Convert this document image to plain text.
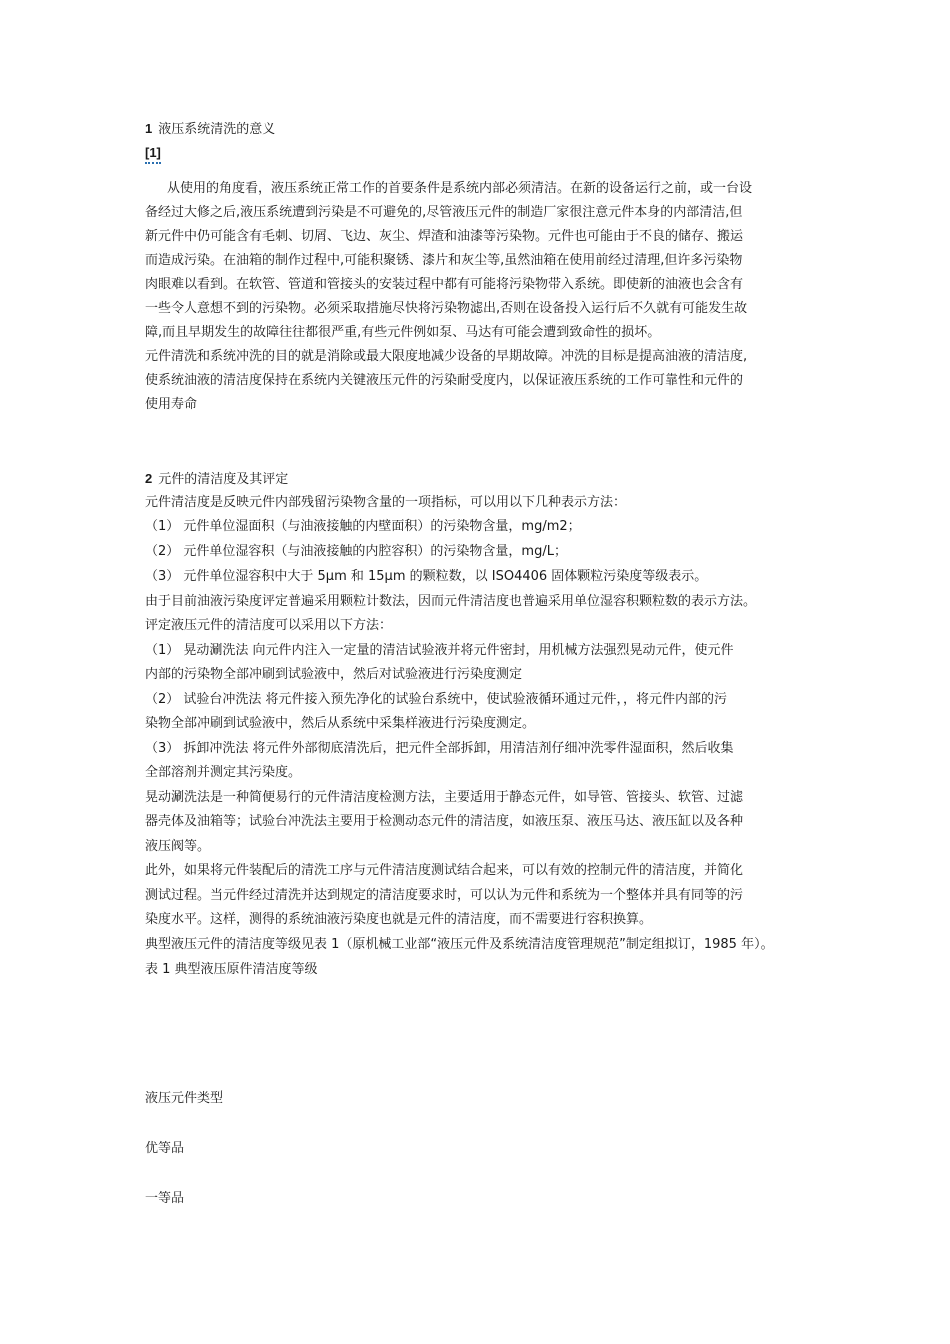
1 液压系统清洗的意义
[1]
从使用的角度看，液压系统正常工作的首要条件是系统内部必须清洁。在新的设备运行之前，或一台设
备经过大修之后,液压系统遭到污染是不可避免的,尽管液压元件的制造厂家很注意元件本身的内部清洁,但
新元件中仍可能含有毛刺、切屑、飞边、灰尘、焊渣和油漆等污染物。元件也可能由于不良的储存、搬运
而造成污染。在油箱的制作过程中,可能积聚锈、漆片和灰尘等,虽然油箱在使用前经过清理,但许多污染物
肉眼难以看到。在软管、管道和管接头的安装过程中都有可能将污染物带入系统。即使新的油液也会含有
一些令人意想不到的污染物。必须采取措施尽快将污染物滤出,否则在设备投入运行后不久就有可能发生故
障,而且早期发生的故障往往都很严重,有些元件例如泵、马达有可能会遭到致命性的损坏。
元件清洗和系统冲洗的目的就是消除或最大限度地减少设备的早期故障。冲洗的目标是提高油液的清洁度,
使系统油液的清洁度保持在系统内关键液压元件的污染耐受度内，以保证液压系统的工作可靠性和元件的
使用寿命
2 元件的清洁度及其评定
元件清洁度是反映元件内部残留污染物含量的一项指标，可以用以下几种表示方法：
（1） 元件单位湿面积（与油液接触的内壁面积）的污染物含量，mg/m2；
（2） 元件单位湿容积（与油液接触的内腔容积）的污染物含量，mg/L；
（3） 元件单位湿容积中大于 5μm 和 15μm 的颗粒数，以 ISO4406 固体颗粒污染度等级表示。
由于目前油液污染度评定普遍采用颗粒计数法，因而元件清洁度也普遍采用单位湿容积颗粒数的表示方法。
评定液压元件的清洁度可以采用以下方法：
（1） 晃动涮洗法 向元件内注入一定量的清洁试验液并将元件密封，用机械方法强烈晃动元件，使元件
内部的污染物全部冲刷到试验液中，然后对试验液进行污染度测定
（2） 试验台冲洗法 将元件接入预先净化的试验台系统中，使试验液循环通过元件，，将元件内部的污
染物全部冲刷到试验液中，然后从系统中采集样液进行污染度测定。
（3） 拆卸冲洗法 将元件外部彻底清洗后，把元件全部拆卸，用清洁剂仔细冲洗零件湿面积，然后收集
全部溶剂并测定其污染度。
晃动涮洗法是一种简便易行的元件清洁度检测方法，主要适用于静态元件，如导管、管接头、软管、过滤
器壳体及油箱等；试验台冲洗法主要用于检测动态元件的清洁度，如液压泵、液压马达、液压缸以及各种
液压阀等。
此外，如果将元件装配后的清洗工序与元件清洁度测试结合起来，可以有效的控制元件的清洁度，并简化
测试过程。当元件经过清洗并达到规定的清洁度要求时，可以认为元件和系统为一个整体并具有同等的污
染度水平。这样，测得的系统油液污染度也就是元件的清洁度，而不需要进行容积换算。
典型液压元件的清洁度等级见表 1（原机械工业部“液压元件及系统清洁度管理规范”制定组拟订，1985 年）。
表 1 典型液压原件清洁度等级
液压元件类型
优等品
一等品
